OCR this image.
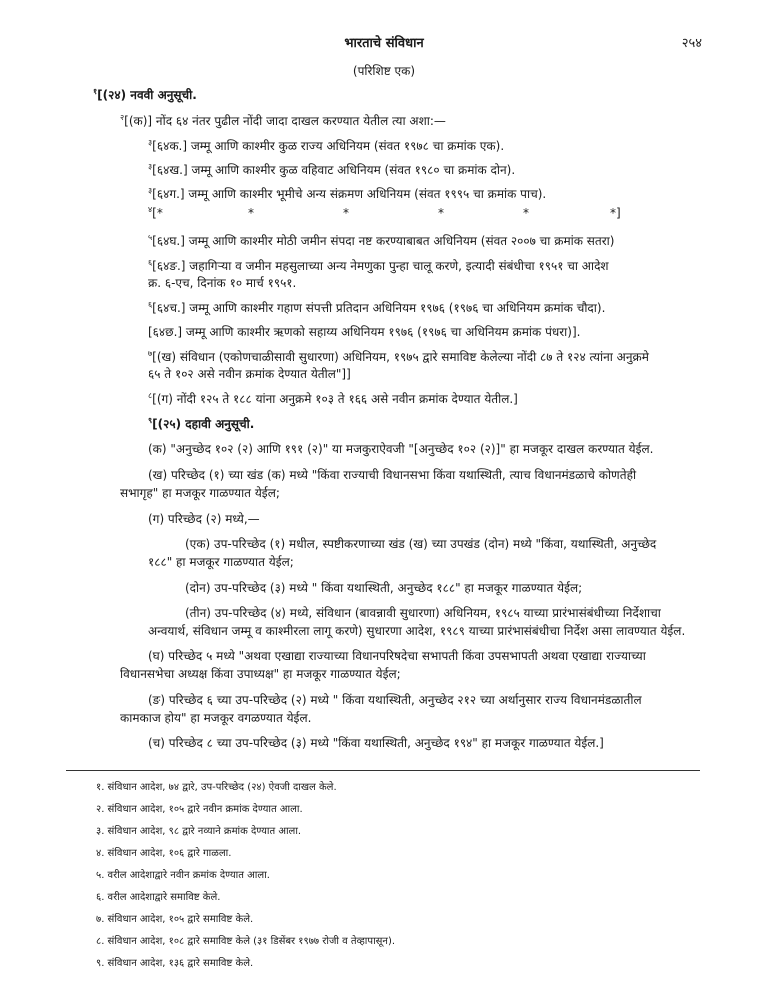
भारताचे संविधान	२५४
(परिशिष्ट एक)
$^१$[(२४) नववी अनुसूची.
$^२$[(क)] नोंद ६४ नंतर पुढील नोंदी जादा दाखल करण्यात येतील त्या अशा:—
$^३$[६४क.] जम्मू आणि काश्मीर कुळ राज्य अधिनियम (संवत १९७८ चा क्रमांक एक).
$^३$[६४ख.] जम्मू आणि काश्मीर कुळ वहिवाट अधिनियम (संवत १९८० चा क्रमांक दोन).
$^३$[६४ग.] जम्मू आणि काश्मीर भूमीचे अन्य संक्रमण अधिनियम (संवत १९९५ चा क्रमांक पाच).
$^५$[६४घ.] जम्मू आणि काश्मीर मोठी जमीन संपदा नष्ट करण्याबाबत अधिनियम (संवत २००७ चा क्रमांक सतरा)
$^६$[६४ङ.] जहागिऱ्या व जमीन महसुलाच्या अन्य नेमणुका पुन्हा चालू करणे, इत्यादी संबंधीचा १९५१ चा आदेश
क्र. ६-एच, दिनांक १० मार्च १९५१.
$^६$[६४च.] जम्मू आणि काश्मीर गहाण संपत्ती प्रतिदान अधिनियम १९७६ (१९७६ चा अधिनियम क्रमांक चौदा).
[६४छ.] जम्मू आणि काश्मीर ऋणको सहाय्य अधिनियम १९७६ (१९७६ चा अधिनियम क्रमांक पंधरा)].
$^७$[(ख) संविधान (एकोणचाळीसावी सुधारणा) अधिनियम, १९७५ द्वारे समाविष्ट केलेल्या नोंदी ८७ ते १२४ त्यांना अनुक्रमे
६५ ते १०२ असे नवीन क्रमांक देण्यात येतील"]]
$^८$[(ग) नोंदी १२५ ते १८८ यांना अनुक्रमे १०३ ते १६६ असे नवीन क्रमांक देण्यात येतील.]
$^९$[(२५) दहावी अनुसूची.
(क) "अनुच्छेद १०२ (२) आणि १९१ (२)" या मजकुराऐवजी "[अनुच्छेद १०२ (२)]" हा मजकूर दाखल करण्यात येईल.
(ख) परिच्छेद (१) च्या खंड (क) मध्ये "किंवा राज्याची विधानसभा किंवा यथास्थिती, त्याच विधानमंडळाचे कोणतेही
सभागृह" हा मजकूर गाळण्यात येईल;
(ग) परिच्छेद (२) मध्ये,—
(एक) उप-परिच्छेद (१) मधील, स्पष्टीकरणाच्या खंड (ख) च्या उपखंड (दोन) मध्ये "किंवा, यथास्थिती, अनुच्छेद
१८८" हा मजकूर गाळण्यात येईल;
(दोन) उप-परिच्छेद (३) मध्ये " किंवा यथास्थिती, अनुच्छेद १८८" हा मजकूर गाळण्यात येईल;
(तीन) उप-परिच्छेद (४) मध्ये, संविधान (बावन्नावी सुधारणा) अधिनियम, १९८५ याच्या प्रारंभासंबंधीच्या निर्देशाचा
अन्वयार्थ, संविधान जम्मू व काश्मीरला लागू करणे) सुधारणा आदेश, १९८९ याच्या प्रारंभासंबंधीचा निर्देश असा लावण्यात येईल.
(घ) परिच्छेद ५ मध्ये "अथवा एखाद्या राज्याच्या विधानपरिषदेचा सभापती किंवा उपसभापती अथवा एखाद्या राज्याच्या
विधानसभेचा अध्यक्ष किंवा उपाध्यक्ष" हा मजकूर गाळण्यात येईल;
(ङ) परिच्छेद ६ च्या उप-परिच्छेद (२) मध्ये " किंवा यथास्थिती, अनुच्छेद २१२ च्या अर्थानुसार राज्य विधानमंडळातील
कामकाज होय" हा मजकूर वगळण्यात येईल.
(च) परिच्छेद ८ च्या उप-परिच्छेद (३) मध्ये "किंवा यथास्थिती, अनुच्छेद १९४" हा मजकूर गाळण्यात येईल.]
$^४$ [*	*	*	*	*	*]
१. संविधान आदेश, ७४ द्वारे, उप-परिच्छेद (२४) ऐवजी दाखल केले.
२. संविधान आदेश, १०५ द्वारे नवीन क्रमांक देण्यात आला.
३. संविधान आदेश, ९८ द्वारे नव्याने क्रमांक देण्यात आला.
४. संविधान आदेश, १०६ द्वारे गाळला.
५. वरील आदेशाद्वारे नवीन क्रमांक देण्यात आला.
६. वरील आदेशाद्वारे समाविष्ट केले.
७. संविधान आदेश, १०५ द्वारे समाविष्ट केले.
८. संविधान आदेश, १०८ द्वारे समाविष्ट केले (३१ डिसेंबर १९७७ रोजी व तेव्हापासून).
९. संविधान आदेश, १३६ द्वारे समाविष्ट केले.
